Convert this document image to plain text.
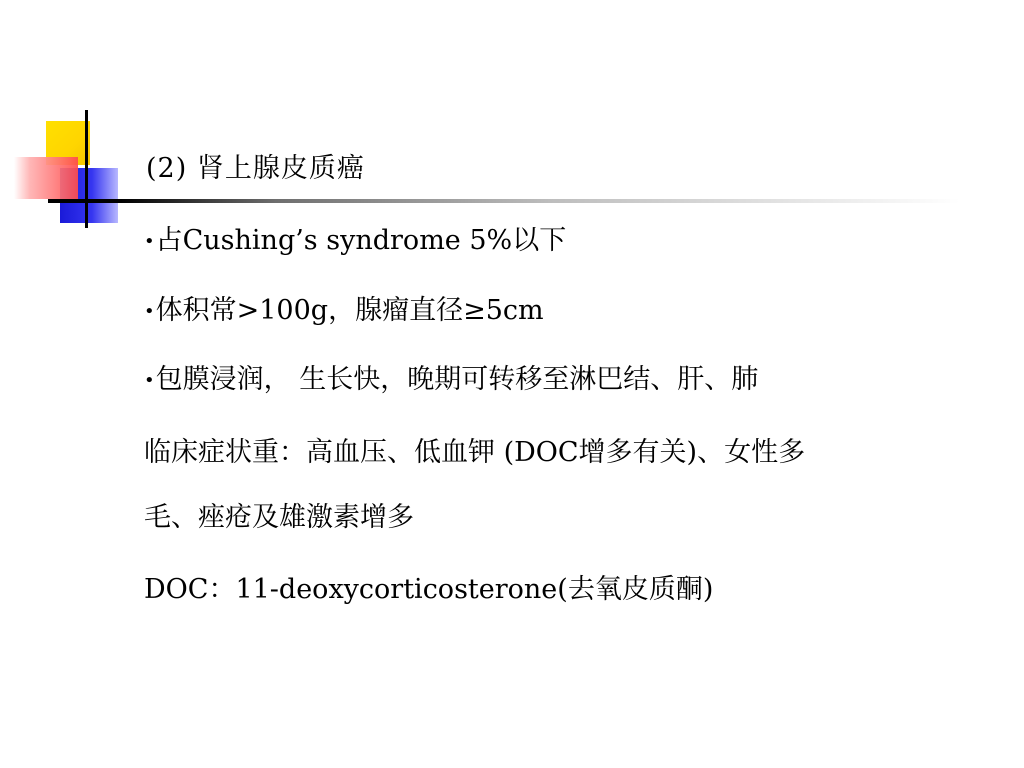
(2) 肾上腺皮质癌
•占Cushing’s syndrome 5%以下
•体积常>100g，腺瘤直径≥5cm
•包膜浸润， 生长快，晚期可转移至淋巴结、肝、肺
临床症状重：高血压、低血钾 (DOC增多有关)、女性多
毛、痤疮及雄激素增多
DOC：11-deoxycorticosterone(去氧皮质酮)
